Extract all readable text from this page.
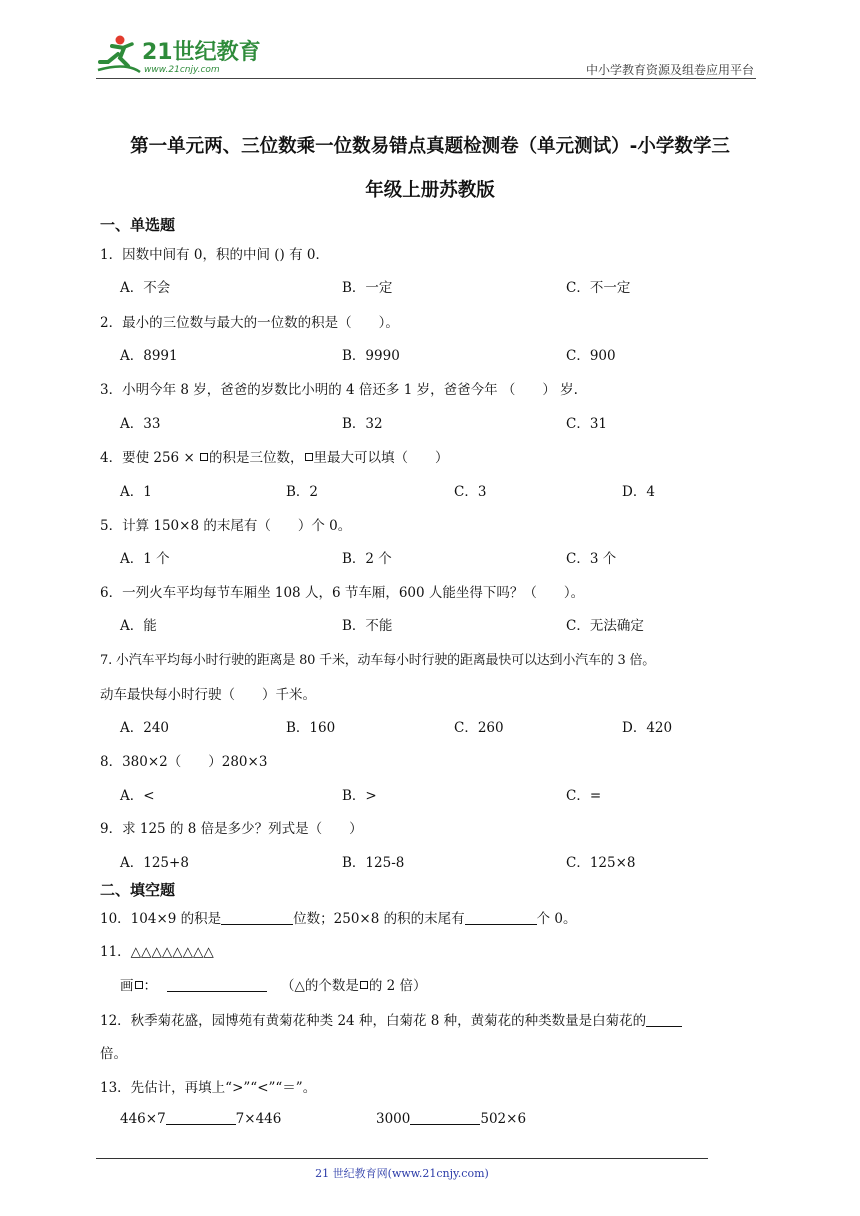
21世纪教育
www.21cnjy.com	中小学教育资源及组卷应用平台
第一单元两、三位数乘一位数易错点真题检测卷（单元测试）-小学数学三
年级上册苏教版
一、单选题
1．因数中间有 0，积的中间 () 有 0．
A．不会	B．一定	C．不一定
2．最小的三位数与最大的一位数的积是（　　）。
A．8991	B．9990	C．900
3．小明今年 8 岁，爸爸的岁数比小明的 4 倍还多 1 岁，爸爸今年 （　　） 岁.
A．33	B．32	C．31
4．要使 256 × 的积是三位数， 里最大可以填（　　）
A．1	B．2	C．3	D．4
5．计算 150×8 的末尾有（　　）个 0。
A．1 个	B．2 个	C．3 个
6．一列火车平均每节车厢坐 108 人，6 节车厢，600 人能坐得下吗？（　　）。
A．能	B．不能	C．无法确定
7. 小汽车平均每小时行驶的距离是 80 千米，动车每小时行驶的距离最快可以达到小汽车的 3 倍。
动车最快每小时行驶（　　）千米。
A．240	B．160	C．260	D．420
8．380×2（　　）280×3
A．<	B．>	C．=
9．求 125 的 8 倍是多少？列式是（　　）
A．125+8	B．125-8	C．125×8
二、填空题
10．104×9 的积是	位数；250×8 的积的末尾有	个 0。
11．△△△△△△△△
画 ：	（△的个数是 的 2 倍）
12．秋季菊花盛，园博苑有黄菊花种类 24 种，白菊花 8 种，黄菊花的种类数量是白菊花的
倍。
13．先估计，再填上“>”“<”“＝”。
446×7	7×446	3000	502×6
21 世纪教育网(www.21cnjy.com)
